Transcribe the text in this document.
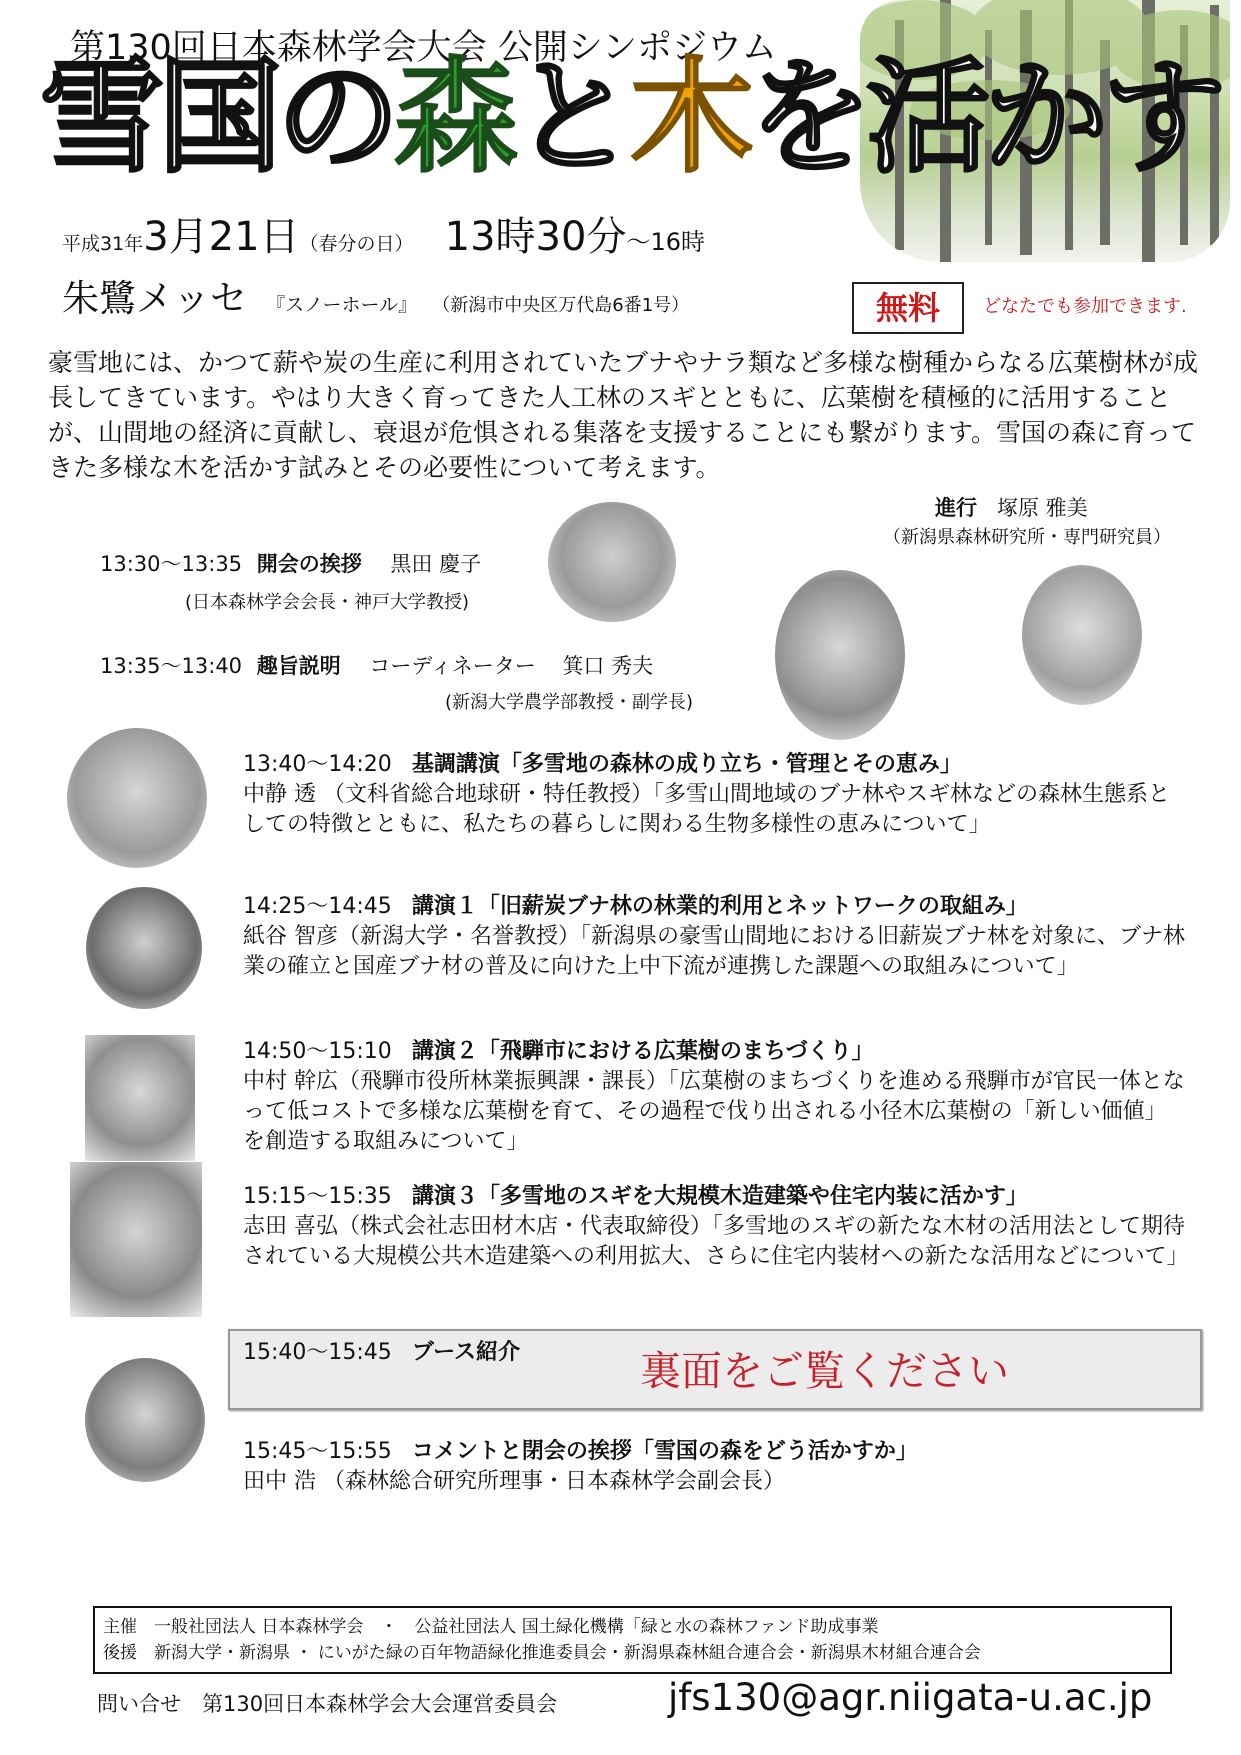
第130回日本森林学会大会 公開シンポジウム
雪国の森と木を活かす
平成31年3月21日（春分の日） 13時30分～16時
朱鷺メッセ 『スノーホール』 （新潟市中央区万代島6番1号）	無料	どなたでも参加できます.
豪雪地には、かつて薪や炭の生産に利用されていたブナやナラ類など多様な樹種からなる広葉樹林が成長してきています。やはり大きく育ってきた人工林のスギとともに、広葉樹を積極的に活用することが、山間地の経済に貢献し、衰退が危惧される集落を支援することにも繋がります。雪国の森に育ってきた多様な木を活かす試みとその必要性について考えます。
進行 塚原 雅美
（新潟県森林研究所・専門研究員）
13:30～13:35 開会の挨拶 黒田 慶子
(日本森林学会会長・神戸大学教授)
13:35～13:40 趣旨説明 コーディネーター 箕口 秀夫
(新潟大学農学部教授・副学長)
13:40～14:20 基調講演「多雪地の森林の成り立ち・管理とその恵み」
中静 透 （文科省総合地球研・特任教授）「多雪山間地域のブナ林やスギ林などの森林生態系としての特徴とともに、私たちの暮らしに関わる生物多様性の恵みについて」
14:25～14:45 講演１「旧薪炭ブナ林の林業的利用とネットワークの取組み」
紙谷 智彦（新潟大学・名誉教授）「新潟県の豪雪山間地における旧薪炭ブナ林を対象に、ブナ林業の確立と国産ブナ材の普及に向けた上中下流が連携した課題への取組みについて」
14:50～15:10 講演２「飛騨市における広葉樹のまちづくり」
中村 幹広（飛騨市役所林業振興課・課長）「広葉樹のまちづくりを進める飛騨市が官民一体となって低コストで多様な広葉樹を育て、その過程で伐り出される小径木広葉樹の「新しい価値」を創造する取組みについて」
15:15～15:35 講演３「多雪地のスギを大規模木造建築や住宅内装に活かす」
志田 喜弘（株式会社志田材木店・代表取締役）「多雪地のスギの新たな木材の活用法として期待されている大規模公共木造建築への利用拡大、さらに住宅内装材への新たな活用などについて」
15:40～15:45 ブース紹介	裏面をご覧ください
15:45～15:55 コメントと閉会の挨拶「雪国の森をどう活かすか」
田中 浩 （森林総合研究所理事・日本森林学会副会長）
主催　一般社団法人 日本森林学会　・　公益社団法人 国土緑化機構「緑と水の森林ファンド助成事業
後援　新潟大学・新潟県 ・ にいがた緑の百年物語緑化推進委員会・新潟県森林組合連合会・新潟県木材組合連合会
問い合せ　第130回日本森林学会大会運営委員会	jfs130@agr.niigata-u.ac.jp
